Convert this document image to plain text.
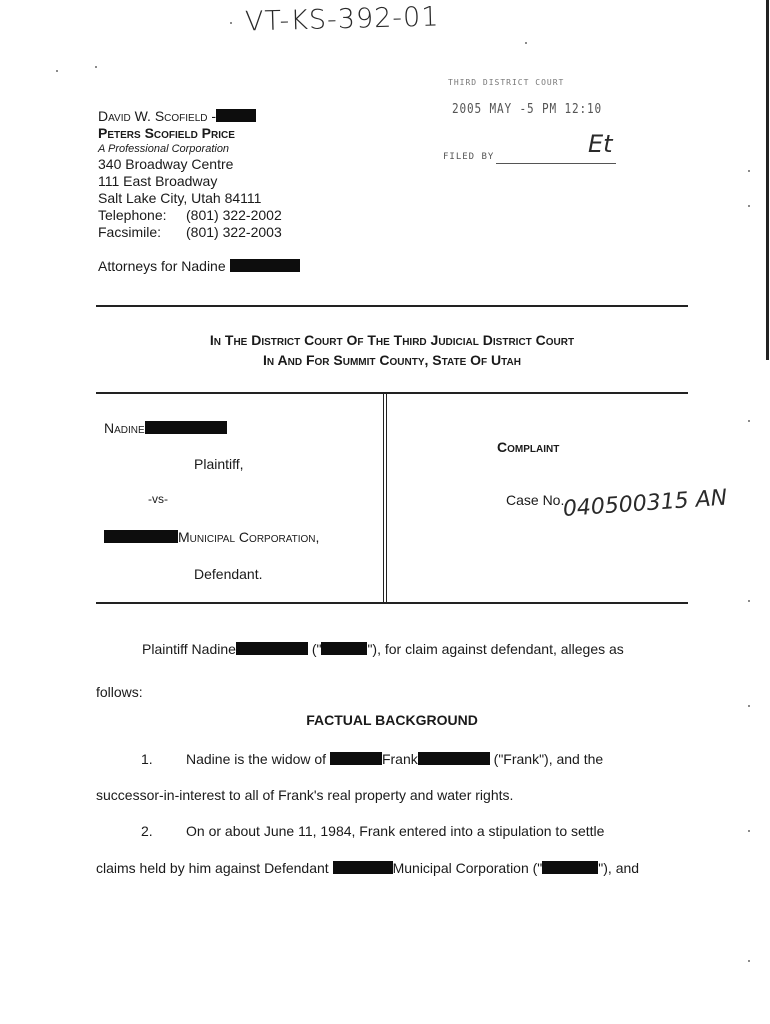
VT-KS-392-01
THIRD DISTRICT COURT
2005 MAY -5 PM 12:10
FILED BY	Et
David W. Scofield -
Peters Scofield Price
A Professional Corporation
340 Broadway Centre
111 East Broadway
Salt Lake City, Utah 84111
Telephone: (801) 322-2002
Facsimile: (801) 322-2003
Attorneys for Nadine
In The District Court Of The Third Judicial District Court
In And For Summit County, State Of Utah
Nadine
Plaintiff,
-vs-
Municipal Corporation,
Defendant.
Complaint
Case No.
040500315 AN
Plaintiff Nadine	("	"), for claim against defendant, alleges as
follows:
FACTUAL BACKGROUND
1. Nadine is the widow of	Frank	("Frank"), and the
successor-in-interest to all of Frank's real property and water rights.
2. On or about June 11, 1984, Frank entered into a stipulation to settle
claims held by him against Defendant	Municipal Corporation ("	"), and
